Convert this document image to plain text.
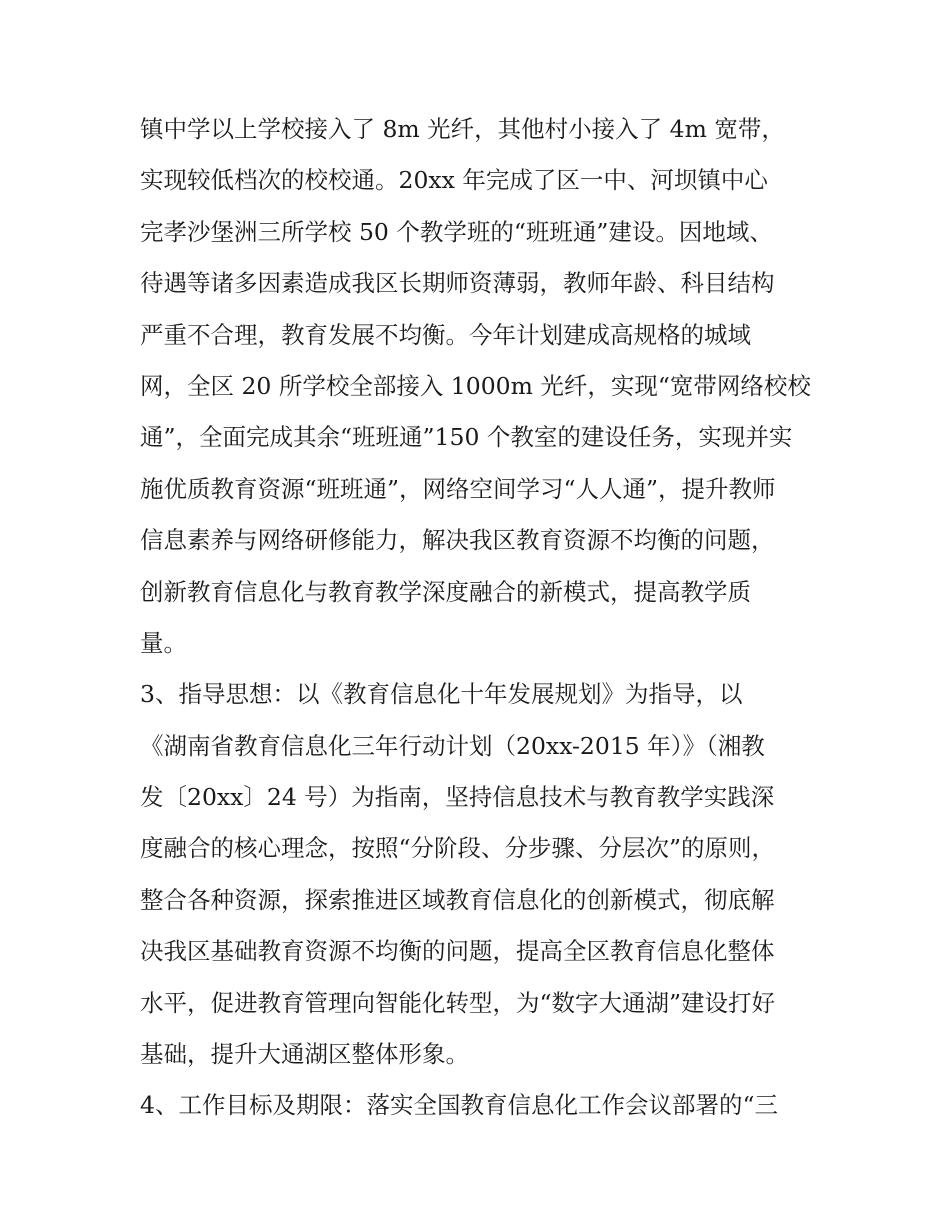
镇中学以上学校接入了 8m 光纤，其他村小接入了 4m 宽带，
实现较低档次的校校通。20xx 年完成了区一中、河坝镇中心
完孝沙堡洲三所学校 50 个教学班的“班班通”建设。因地域、
待遇等诸多因素造成我区长期师资薄弱，教师年龄、科目结构
严重不合理，教育发展不均衡。今年计划建成高规格的城域
网，全区 20 所学校全部接入 1000m 光纤，实现“宽带网络校校
通”，全面完成其余“班班通”150 个教室的建设任务，实现并实
施优质教育资源“班班通”，网络空间学习“人人通”，提升教师
信息素养与网络研修能力，解决我区教育资源不均衡的问题，
创新教育信息化与教育教学深度融合的新模式，提高教学质
量。
3、指导思想：以《教育信息化十年发展规划》为指导，以
《湖南省教育信息化三年行动计划（20xx-2015 年）》（湘教
发〔20xx〕24 号）为指南，坚持信息技术与教育教学实践深
度融合的核心理念，按照“分阶段、分步骤、分层次”的原则，
整合各种资源，探索推进区域教育信息化的创新模式，彻底解
决我区基础教育资源不均衡的问题，提高全区教育信息化整体
水平，促进教育管理向智能化转型，为“数字大通湖”建设打好
基础，提升大通湖区整体形象。
4、工作目标及期限：落实全国教育信息化工作会议部署的“三
